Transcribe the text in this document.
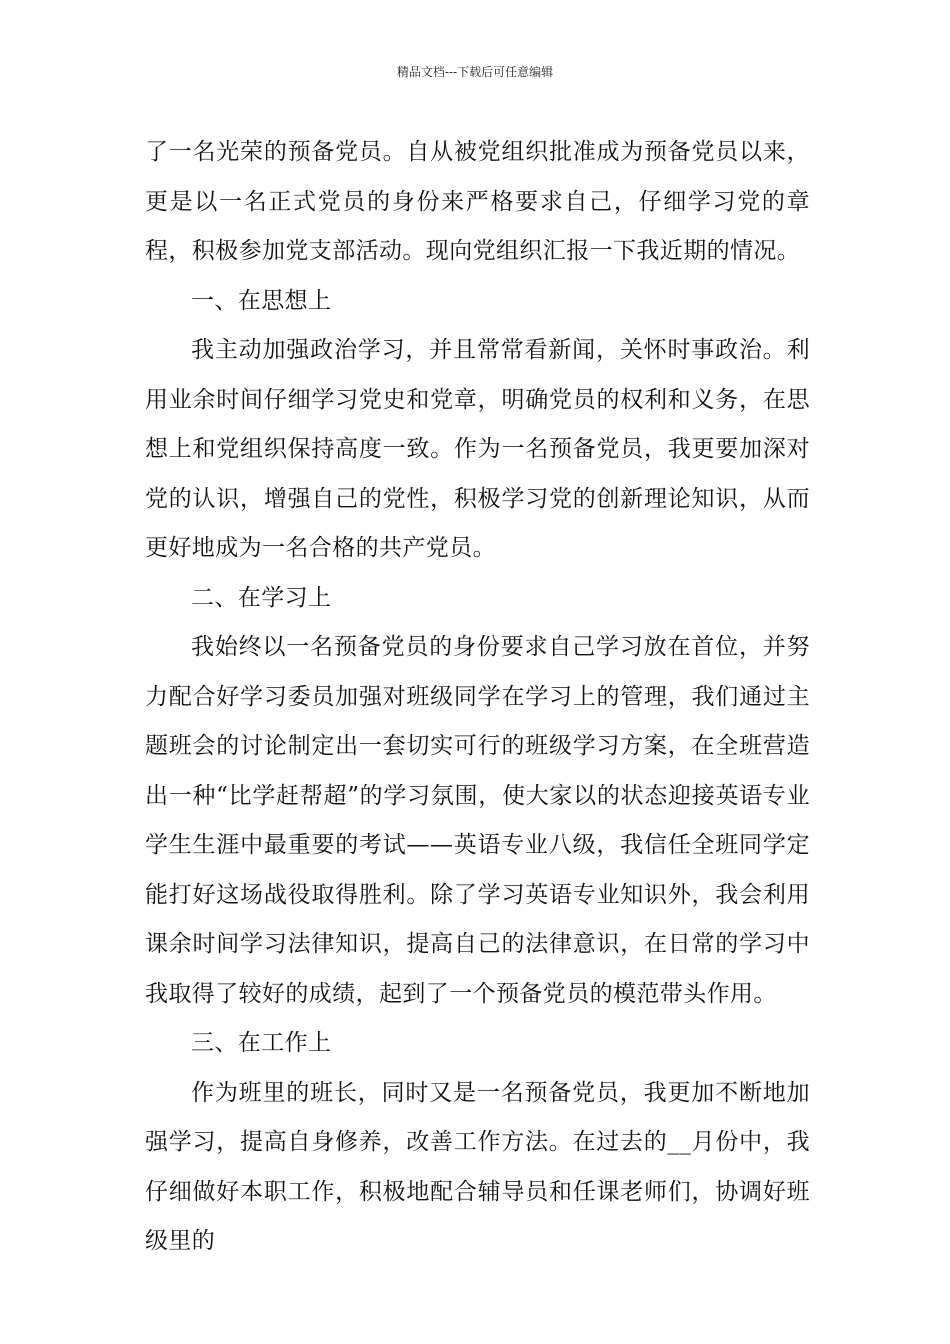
精品文档---下载后可任意编辑

了一名光荣的预备党员。自从被党组织批准成为预备党员以来，更是以一名正式党员的身份来严格要求自己，仔细学习党的章程，积极参加党支部活动。现向党组织汇报一下我近期的情况。

一、在思想上

我主动加强政治学习，并且常常看新闻，关怀时事政治。利用业余时间仔细学习党史和党章，明确党员的权利和义务，在思想上和党组织保持高度一致。作为一名预备党员，我更要加深对党的认识，增强自己的党性，积极学习党的创新理论知识，从而更好地成为一名合格的共产党员。

二、在学习上

我始终以一名预备党员的身份要求自己学习放在首位，并努力配合好学习委员加强对班级同学在学习上的管理，我们通过主题班会的讨论制定出一套切实可行的班级学习方案，在全班营造出一种“比学赶帮超”的学习氛围，使大家以的状态迎接英语专业学生生涯中最重要的考试——英语专业八级，我信任全班同学定能打好这场战役取得胜利。除了学习英语专业知识外，我会利用课余时间学习法律知识，提高自己的法律意识，在日常的学习中我取得了较好的成绩，起到了一个预备党员的模范带头作用。

三、在工作上

作为班里的班长，同时又是一名预备党员，我更加不断地加强学习，提高自身修养，改善工作方法。在过去的__月份中，我仔细做好本职工作，积极地配合辅导员和任课老师们，协调好班级里的
